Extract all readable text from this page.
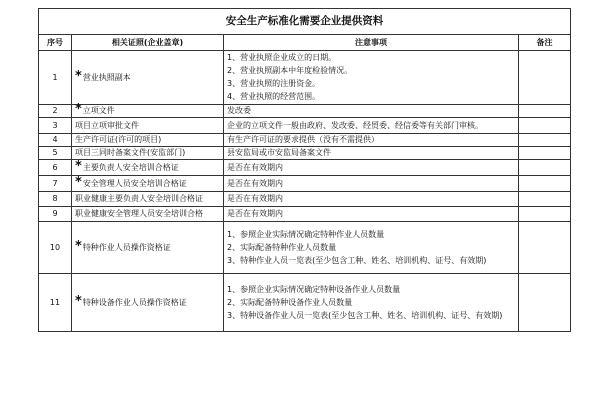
安全生产标准化需要企业提供资料			
序号	相关证照(企业盖章)	注意事项	备注
1	*营业执照副本	1、营业执照企业成立的日期。
2、营业执照副本中年度检验情况。
3、营业执照的注册资金。
4、营业执照的经营范围。	

2	*立项文件	发改委	

3	项目立项审批文件	企业的立项文件一般由政府、发改委、经贸委、经信委等有关部门审核。	

4	生产许可证(许可的项目)	有生产许可证的要求提供（没有不需提供）	

5	项目三同时备案文件(安监部门)	县安监局或市安监局备案文件	

6	*主要负责人安全培训合格证	是否在有效期内	

7	*安全管理人员安全培训合格证	是否在有效期内	

8	职业健康主要负责人安全培训合格证	是否在有效期内	

9	职业健康安全管理人员安全培训合格	是否在有效期内	

10	*特种作业人员操作资格证	1、参照企业实际情况确定特种作业人员数量
2、实际配备特种作业人员数量
3、特种作业人员一览表(至少包含工种、姓名、培训机构、证号、有效期)	

11	*特种设备作业人员操作资格证	1、参照企业实际情况确定特种设备作业人员数量
2、实际配备特种设备作业人员数量
3、特种设备作业人员一览表(至少包含工种、姓名、培训机构、证号、有效期)	
